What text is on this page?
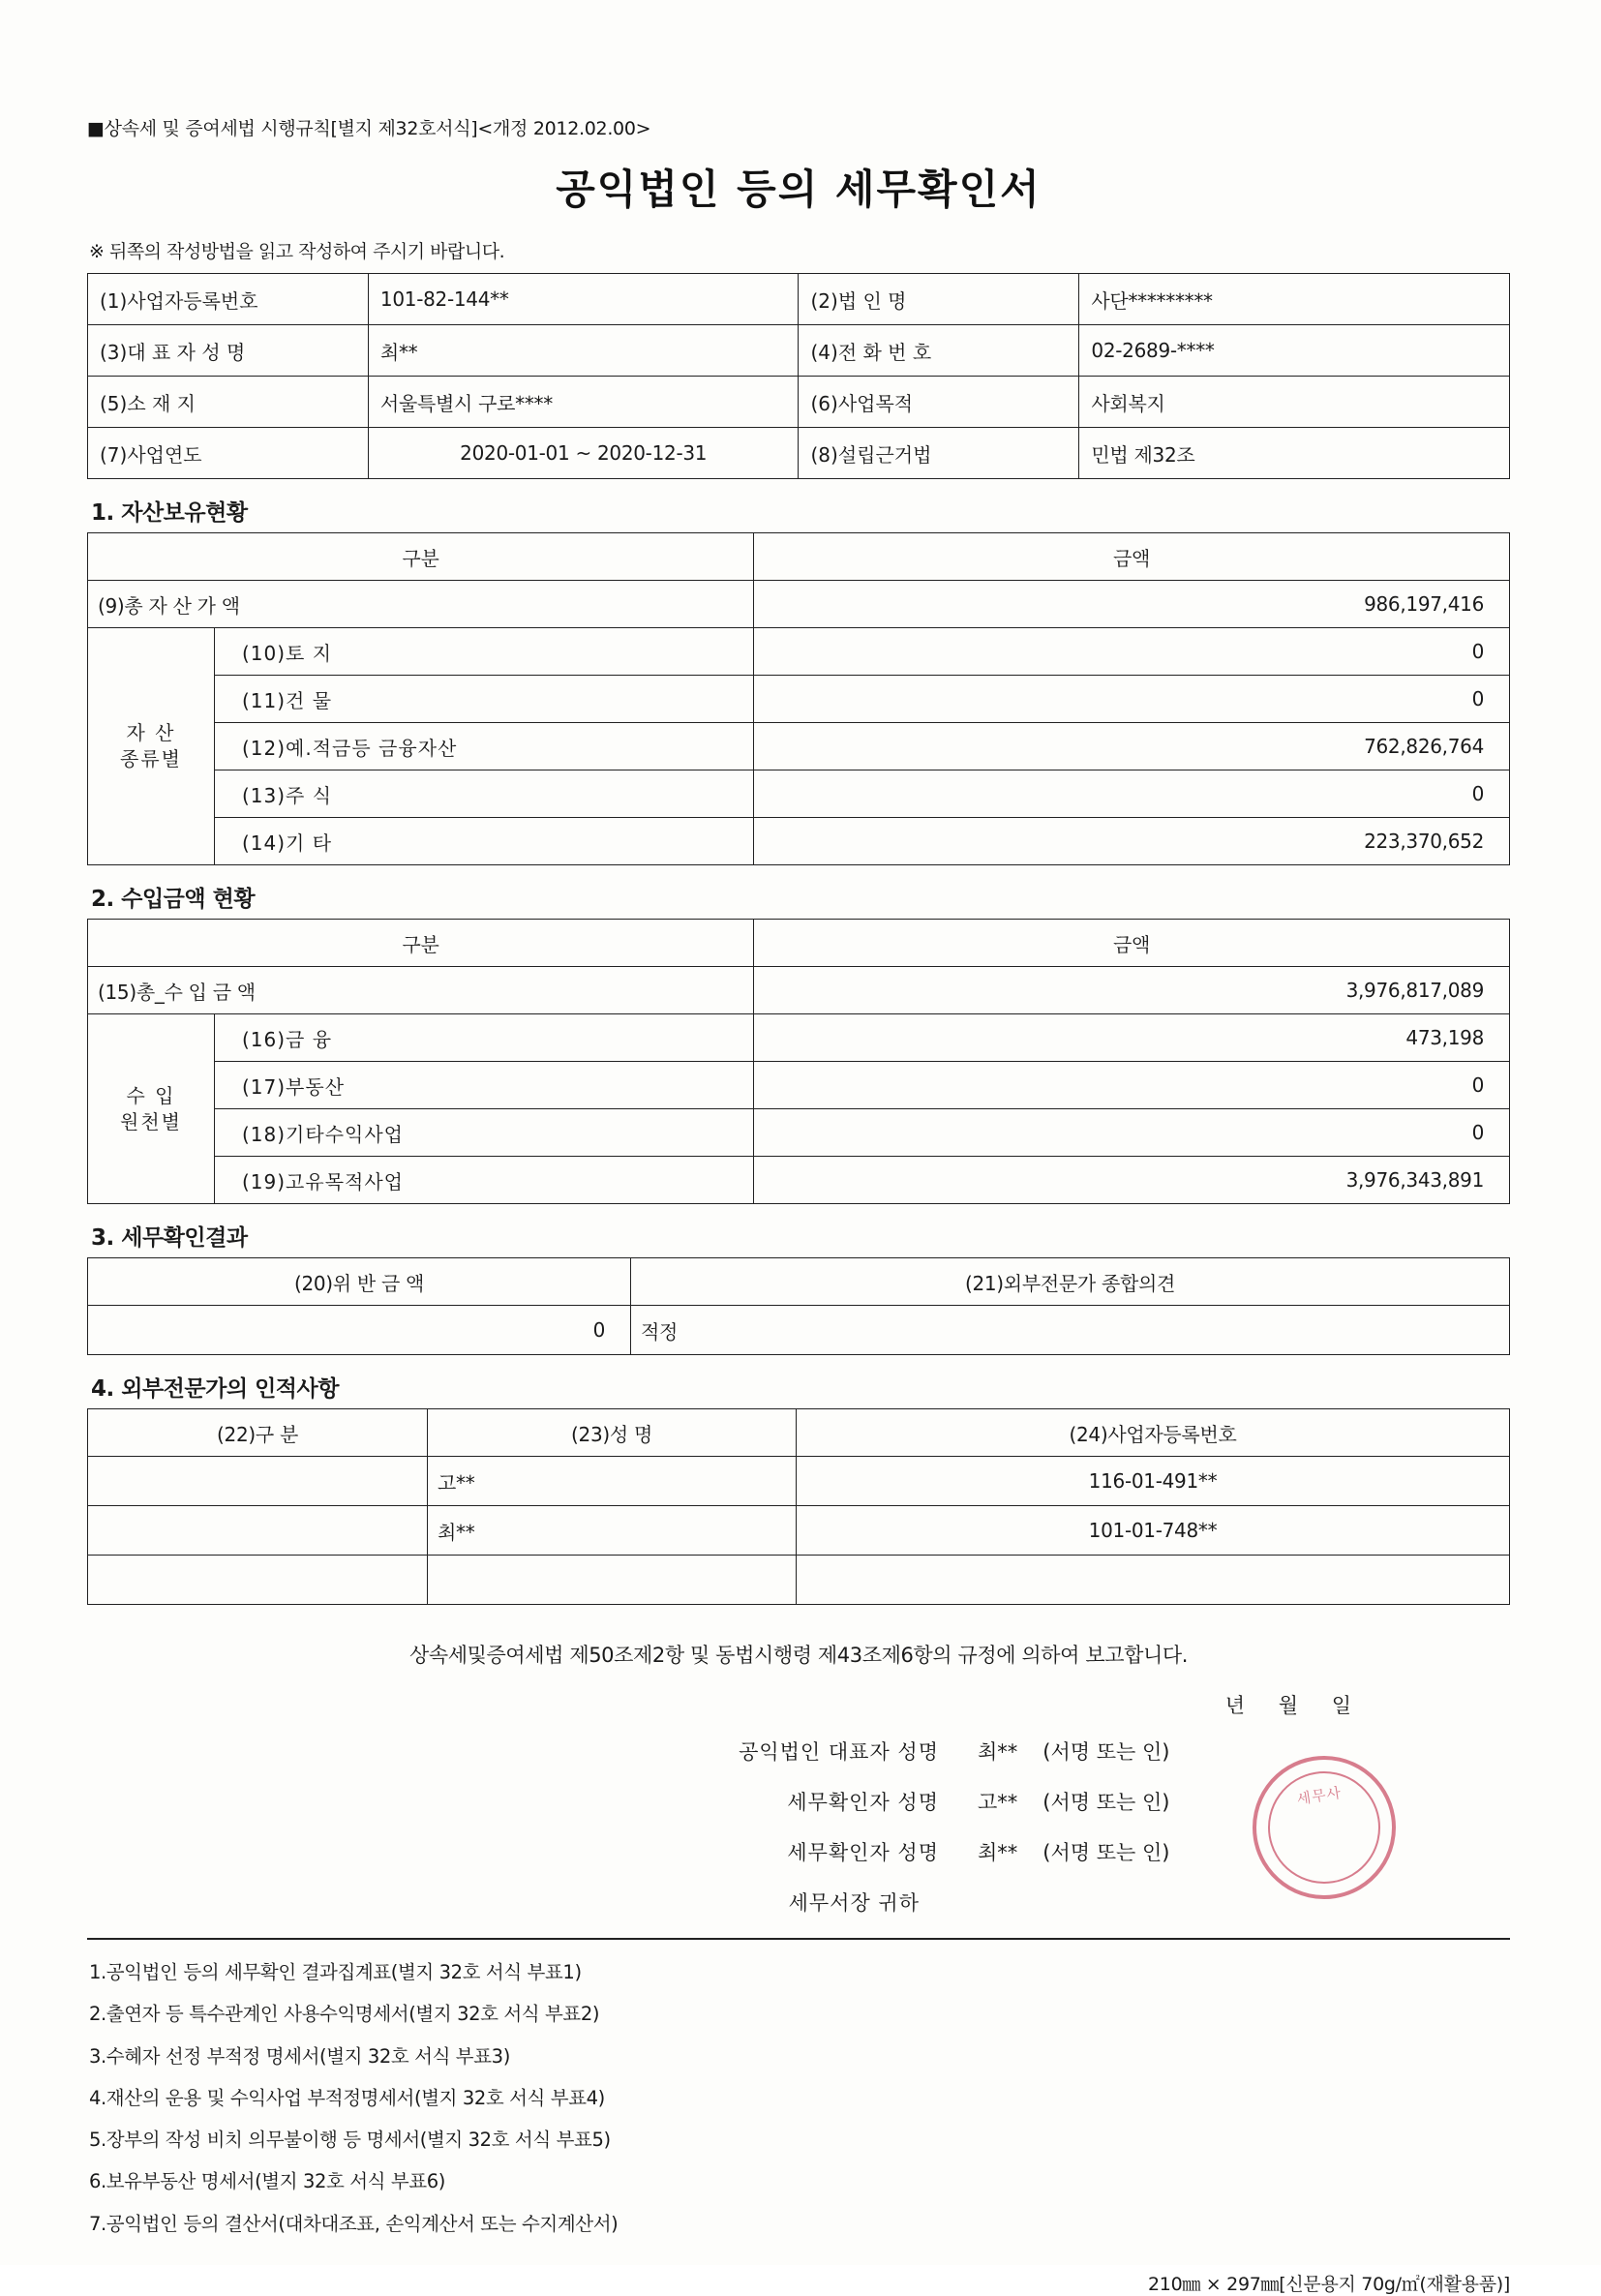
■상속세 및 증여세법 시행규칙[별지 제32호서식]<개정 2012.02.00>
공익법인 등의 세무확인서
※ 뒤쪽의 작성방법을 읽고 작성하여 주시기 바랍니다.
(1)사업자등록번호	101-82-144**	(2)법 인 명	사단*********
(3)대 표 자 성 명	최**	(4)전 화 번 호	02-2689-****
(5)소 재 지	서울특별시 구로****	(6)사업목적	사회복지
(7)사업연도	2020-01-01 ~ 2020-12-31	(8)설립근거법	민법 제32조
1. 자산보유현황
구분		금액
(9)총 자 산 가 액		986,197,416
자 산
종류별	(10)토 지	0
	(11)건 물	0
	(12)예.적금등 금융자산	762,826,764
	(13)주 식	0
	(14)기 타	223,370,652
2. 수입금액 현황
구분		금액
(15)총_수 입 금 액		3,976,817,089
수 입
원천별	(16)금 융	473,198
	(17)부동산	0
	(18)기타수익사업	0
	(19)고유목적사업	3,976,343,891
3. 세무확인결과
(20)위 반 금 액	(21)외부전문가 종합의견
0	적정
4. 외부전문가의 인적사항
(22)구 분	(23)성 명	(24)사업자등록번호
	고**	116-01-491**
	최**	101-01-748**

상속세및증여세법 제50조제2항 및 동법시행령 제43조제6항의 규정에 의하여 보고합니다.
년 월 일
세무사
공익법인 대표자 성명	최** (서명 또는 인)
세무확인자 성명	고** (서명 또는 인)
세무확인자 성명	최** (서명 또는 인)
세무서장 귀하
1.공익법인 등의 세무확인 결과집계표(별지 32호 서식 부표1)
2.출연자 등 특수관계인 사용수익명세서(별지 32호 서식 부표2)
3.수혜자 선정 부적정 명세서(별지 32호 서식 부표3)
4.재산의 운용 및 수익사업 부적정명세서(별지 32호 서식 부표4)
5.장부의 작성 비치 의무불이행 등 명세서(별지 32호 서식 부표5)
6.보유부동산 명세서(별지 32호 서식 부표6)
7.공익법인 등의 결산서(대차대조표, 손익계산서 또는 수지계산서)
210㎜ × 297㎜[신문용지 70g/㎡(재활용품)]
